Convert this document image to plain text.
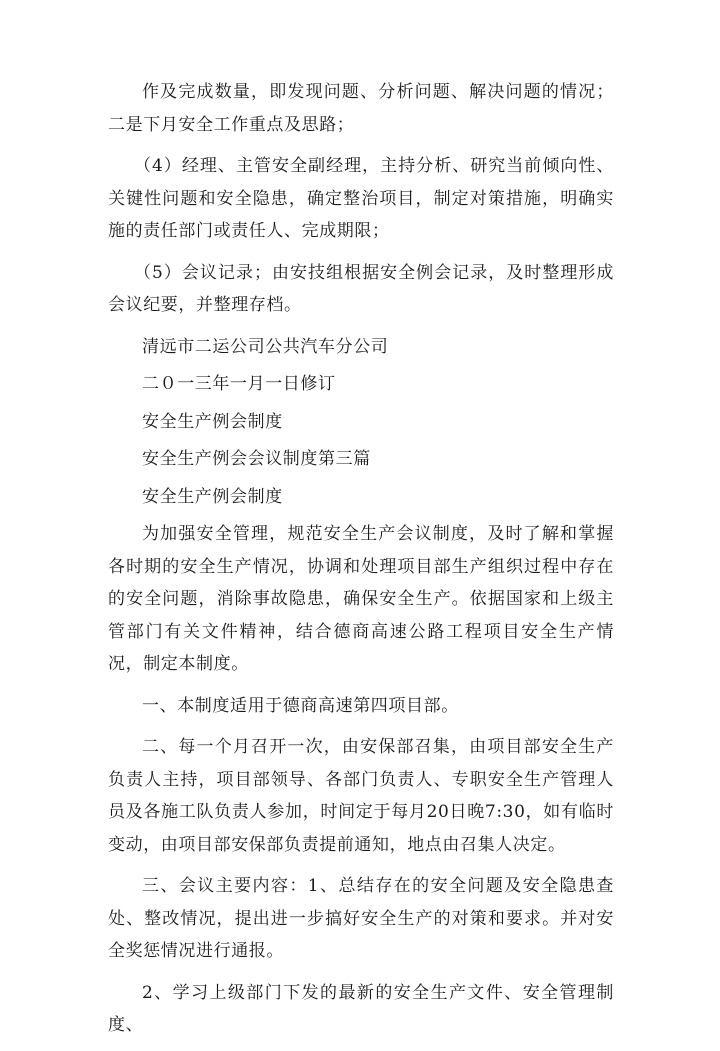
作及完成数量，即发现问题、分析问题、解决问题的情况；二是下月安全工作重点及思路；

（4）经理、主管安全副经理，主持分析、研究当前倾向性、关键性问题和安全隐患，确定整治项目，制定对策措施，明确实施的责任部门或责任人、完成期限；

（5）会议记录；由安技组根据安全例会记录，及时整理形成会议纪要，并整理存档。

清远市二运公司公共汽车分公司

二０一三年一月一日修订

安全生产例会制度

安全生产例会会议制度第三篇

安全生产例会制度

为加强安全管理，规范安全生产会议制度，及时了解和掌握各时期的安全生产情况，协调和处理项目部生产组织过程中存在的安全问题，消除事故隐患，确保安全生产。依据国家和上级主管部门有关文件精神，结合德商高速公路工程项目安全生产情况，制定本制度。

一、本制度适用于德商高速第四项目部。

二、每一个月召开一次，由安保部召集，由项目部安全生产负责人主持，项目部领导、各部门负责人、专职安全生产管理人员及各施工队负责人参加，时间定于每月20日晚7:30，如有临时变动，由项目部安保部负责提前通知，地点由召集人决定。

三、会议主要内容：1、总结存在的安全问题及安全隐患查处、整改情况，提出进一步搞好安全生产的对策和要求。并对安全奖惩情况进行通报。

2、学习上级部门下发的最新的安全生产文件、安全管理制度、
